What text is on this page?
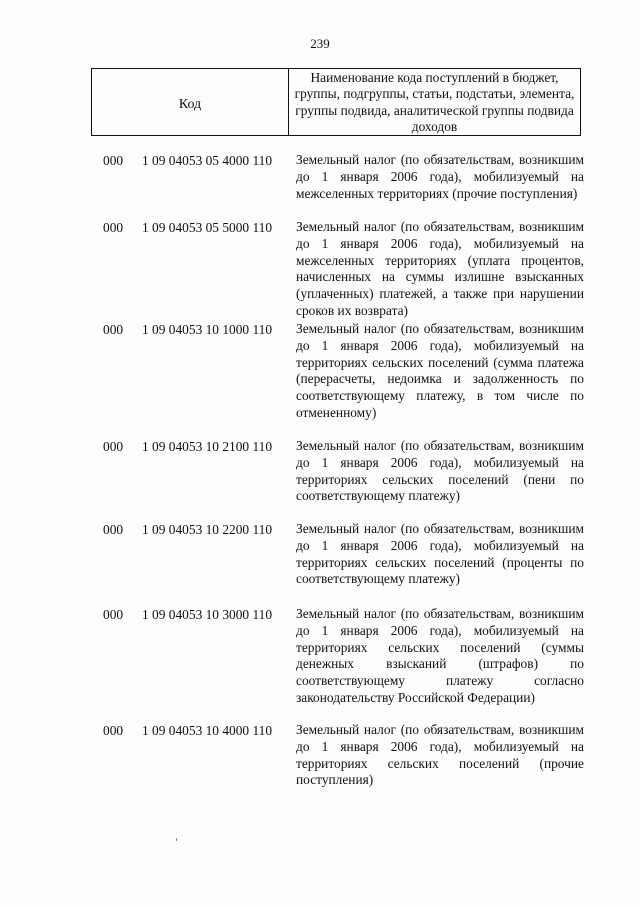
239
Код
Наименование кода поступлений в бюджет, группы, подгруппы, статьи, подстатьи, элемента, группы подвида, аналитической группы подвида доходов
000 1 09 04053 05 4000 110 Земельный налог (по обязательствам, возникшим до 1 января 2006 года), мобилизуемый на межселенных территориях (прочие поступления)
000 1 09 04053 05 5000 110 Земельный налог (по обязательствам, возникшим до 1 января 2006 года), мобилизуемый на межселенных территориях (уплата процентов, начисленных на суммы излишне взысканных (уплаченных) платежей, а также при нарушении сроков их возврата)
000 1 09 04053 10 1000 110 Земельный налог (по обязательствам, возникшим до 1 января 2006 года), мобилизуемый на территориях сельских поселений (сумма платежа (перерасчеты, недоимка и задолженность по соответствующему платежу, в том числе по отмененному)
000 1 09 04053 10 2100 110 Земельный налог (по обязательствам, возникшим до 1 января 2006 года), мобилизуемый на территориях сельских поселений (пени по соответствующему платежу)
000 1 09 04053 10 2200 110 Земельный налог (по обязательствам, возникшим до 1 января 2006 года), мобилизуемый на территориях сельских поселений (проценты по соответствующему платежу)
000 1 09 04053 10 3000 110 Земельный налог (по обязательствам, возникшим до 1 января 2006 года), мобилизуемый на территориях сельских поселений (суммы денежных взысканий (штрафов) по соответствующему платежу согласно законодательству Российской Федерации)
000 1 09 04053 10 4000 110 Земельный налог (по обязательствам, возникшим до 1 января 2006 года), мобилизуемый на территориях сельских поселений (прочие поступления)
